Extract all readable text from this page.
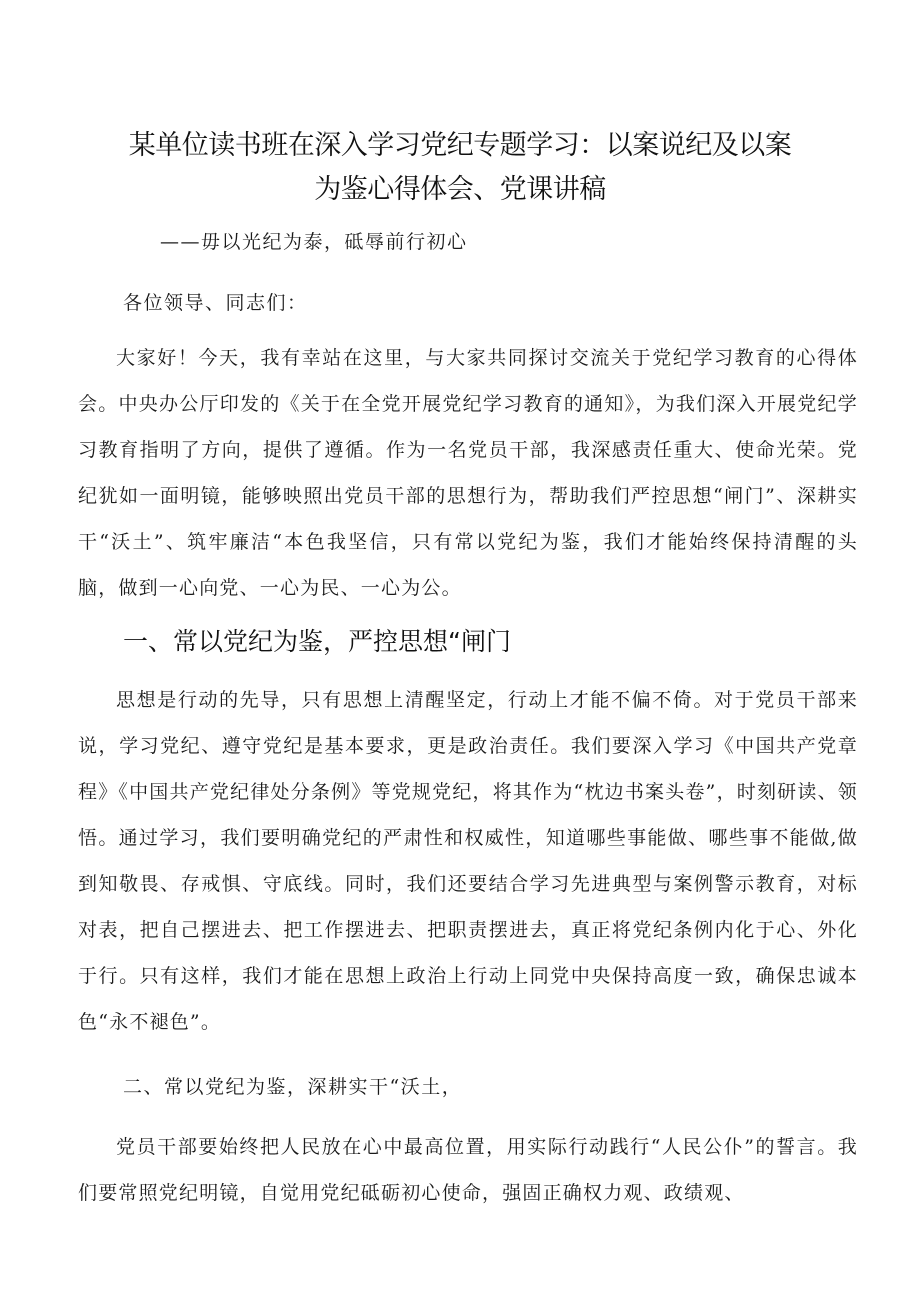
某单位读书班在深入学习党纪专题学习：以案说纪及以案
为鉴心得体会、党课讲稿
——毋以光纪为泰，砥辱前行初心
各位领导、同志们：

大家好！今天，我有幸站在这里，与大家共同探讨交流关于党纪学习教育的心得体会。中央办公厅印发的《关于在全党开展党纪学习教育的通知》，为我们深入开展党纪学习教育指明了方向，提供了遵循。作为一名党员干部，我深感责任重大、使命光荣。党纪犹如一面明镜，能够映照出党员干部的思想行为，帮助我们严控思想“闸门”、深耕实干“沃土”、筑牢廉洁“本色我坚信，只有常以党纪为鉴，我们才能始终保持清醒的头脑，做到一心向党、一心为民、一心为公。

一、常以党纪为鉴，严控思想“闸门

思想是行动的先导，只有思想上清醒坚定，行动上才能不偏不倚。对于党员干部来说，学习党纪、遵守党纪是基本要求，更是政治责任。我们要深入学习《中国共产党章程》《中国共产党纪律处分条例》等党规党纪，将其作为“枕边书案头卷”，时刻研读、领悟。通过学习，我们要明确党纪的严肃性和权威性，知道哪些事能做、哪些事不能做,做到知敬畏、存戒惧、守底线。同时，我们还要结合学习先进典型与案例警示教育，对标对表，把自己摆进去、把工作摆进去、把职责摆进去，真正将党纪条例内化于心、外化于行。只有这样，我们才能在思想上政治上行动上同党中央保持高度一致，确保忠诚本色“永不褪色”。

二、常以党纪为鉴，深耕实干“沃土，

党员干部要始终把人民放在心中最高位置，用实际行动践行“人民公仆”的誓言。我们要常照党纪明镜，自觉用党纪砥砺初心使命，强固正确权力观、政绩观、
